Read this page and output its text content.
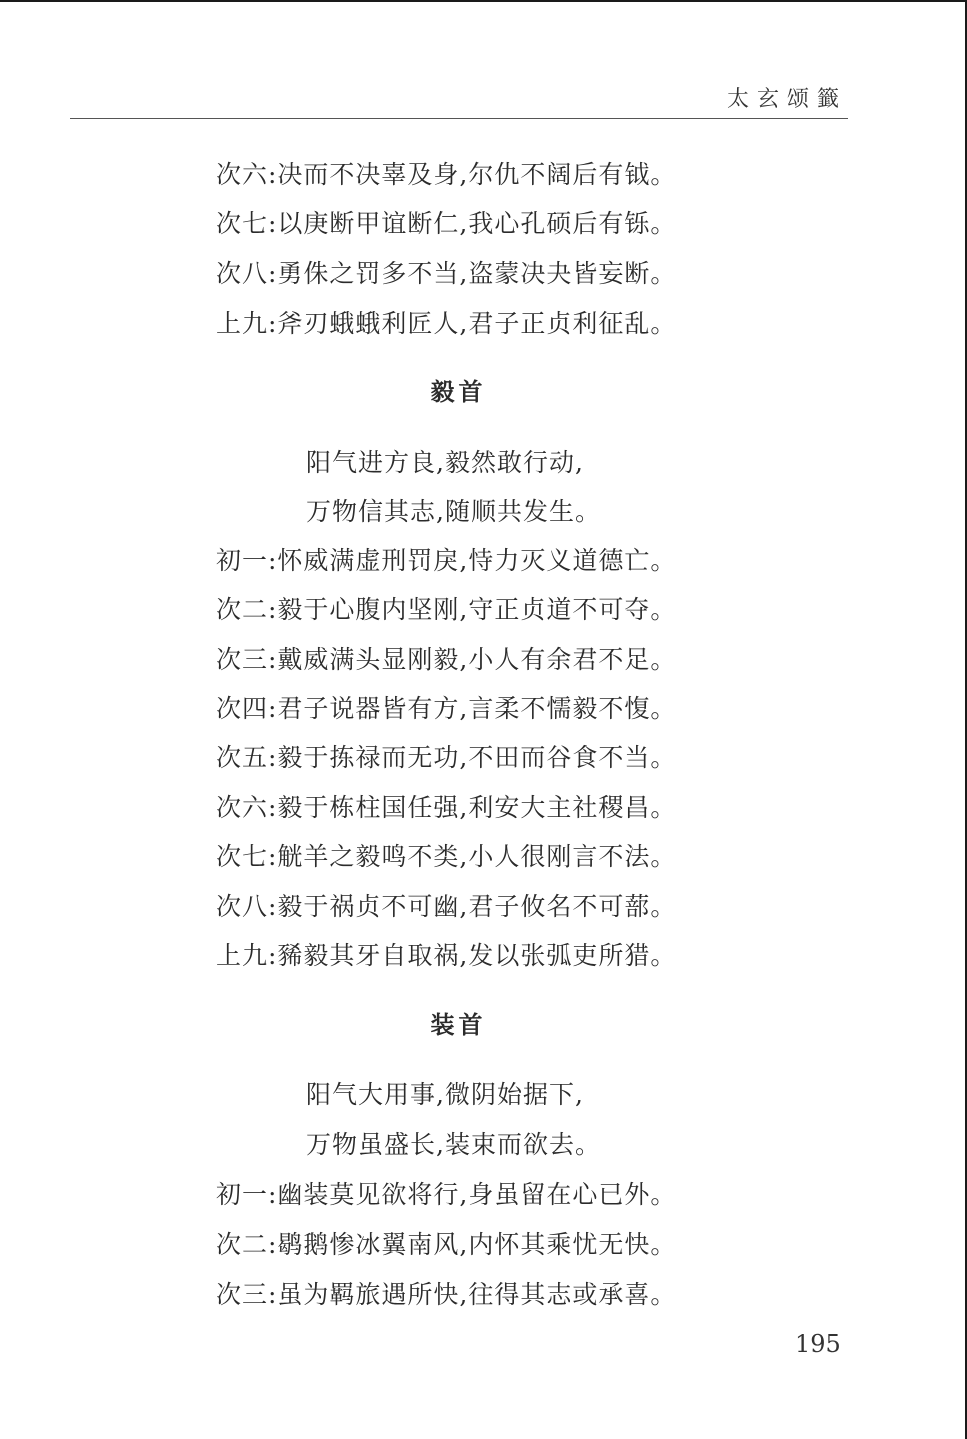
太玄颂籤
次六:决而不决辜及身,尔仇不阔后有钺。
次七:以庚断甲谊断仁,我心孔硕后有铄。
次八:勇侏之罚多不当,盗蒙决夬皆妄断。
上九:斧刃蛾蛾利匠人,君子正贞利征乱。
毅首
阳气进方良,毅然敢行动,
万物信其志,随顺共发生。
初一:怀威满虚刑罚戾,恃力灭义道德亡。
次二:毅于心腹内坚刚,守正贞道不可夺。
次三:戴威满头显刚毅,小人有余君不足。
次四:君子说器皆有方,言柔不懦毅不愎。
次五:毅于拣禄而无功,不田而谷食不当。
次六:毅于栋柱国任强,利安大主社稷昌。
次七:觥羊之毅鸣不类,小人很刚言不法。
次八:毅于祸贞不可幽,君子攸名不可蔀。
上九:豨毅其牙自取祸,发以张弧吏所猎。
装首
阳气大用事,微阴始据下,
万物虽盛长,装束而欲去。
初一:幽装莫见欲将行,身虽留在心已外。
次二:鹖鹅惨冰翼南风,内怀其乘忧无快。
次三:虽为羁旅遇所快,往得其志或承喜。
195
